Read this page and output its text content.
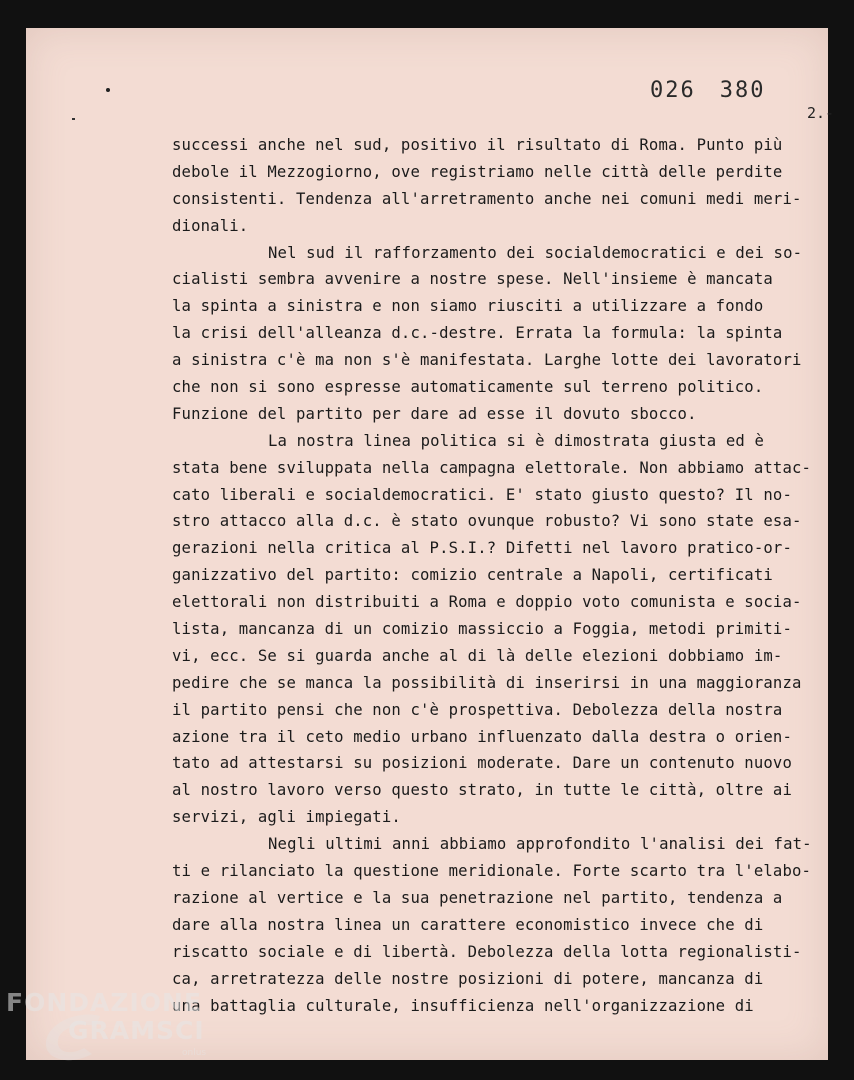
026 380
2.-
successi anche nel sud, positivo il risultato di Roma. Punto più
debole il Mezzogiorno, ove registriamo nelle città delle perdite
consistenti. Tendenza all'arretramento anche nei comuni medi meri-
dionali.
Nel sud il rafforzamento dei socialdemocratici e dei so-
cialisti sembra avvenire a nostre spese. Nell'insieme è mancata
la spinta a sinistra e non siamo riusciti a utilizzare a fondo
la crisi dell'alleanza d.c.-destre. Errata la formula: la spinta
a sinistra c'è ma non s'è manifestata. Larghe lotte dei lavoratori
che non si sono espresse automaticamente sul terreno politico.
Funzione del partito per dare ad esse il dovuto sbocco.
La nostra linea politica si è dimostrata giusta ed è
stata bene sviluppata nella campagna elettorale. Non abbiamo attac-
cato liberali e socialdemocratici. E' stato giusto questo? Il no-
stro attacco alla d.c. è stato ovunque robusto? Vi sono state esa-
gerazioni nella critica al P.S.I.? Difetti nel lavoro pratico-or-
ganizzativo del partito: comizio centrale a Napoli, certificati
elettorali non distribuiti a Roma e doppio voto comunista e socia-
lista, mancanza di un comizio massiccio a Foggia, metodi primiti-
vi, ecc. Se si guarda anche al di là delle elezioni dobbiamo im-
pedire che se manca la possibilità di inserirsi in una maggioranza
il partito pensi che non c'è prospettiva. Debolezza della nostra
azione tra il ceto medio urbano influenzato dalla destra o orien-
tato ad attestarsi su posizioni moderate. Dare un contenuto nuovo
al nostro lavoro verso questo strato, in tutte le città, oltre ai
servizi, agli impiegati.
Negli ultimi anni abbiamo approfondito l'analisi dei fat-
ti e rilanciato la questione meridionale. Forte scarto tra l'elabo-
razione al vertice e la sua penetrazione nel partito, tendenza a
dare alla nostra linea un carattere economistico invece che di
riscatto sociale e di libertà. Debolezza della lotta regionalisti-
ca, arretratezza delle nostre posizioni di potere, mancanza di
una battaglia culturale, insufficienza nell'organizzazione di
FONDAZIONE
GRAMSCI
onlus
